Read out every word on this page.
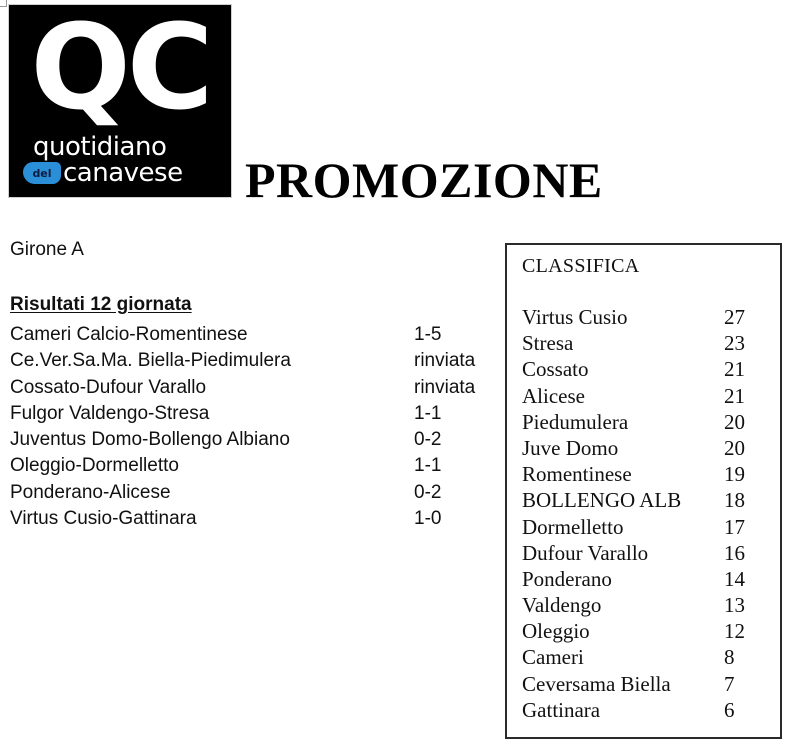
QC
quotidiano
del canavese PROMOZIONE
Girone A
Risultati 12 giornata
Cameri Calcio-Romentinese	1-5
Ce.Ver.Sa.Ma. Biella-Piedimulera	rinviata
Cossato-Dufour Varallo	rinviata
Fulgor Valdengo-Stresa	1-1
Juventus Domo-Bollengo Albiano	0-2
Oleggio-Dormelletto	1-1
Ponderano-Alicese	0-2
Virtus Cusio-Gattinara	1-0
CLASSIFICA
Virtus Cusio	27
Stresa	23
Cossato	21
Alicese	21
Piedumulera	20
Juve Domo	20
Romentinese	19
BOLLENGO ALB 18
Dormelletto	17
Dufour Varallo	16
Ponderano	14
Valdengo	13
Oleggio	12
Cameri	8
Ceversama Biella	7
Gattinara	6
